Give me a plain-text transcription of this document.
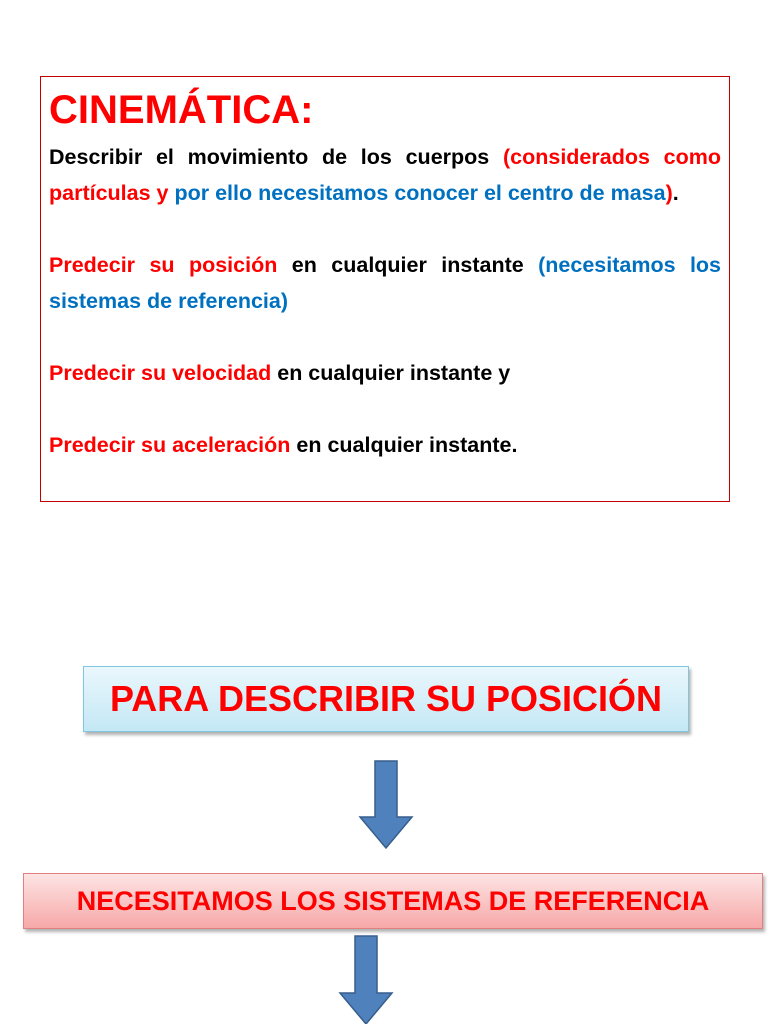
CINEMÁTICA:

Describir el movimiento de los cuerpos (considerados como partículas y por ello necesitamos conocer el centro de masa).

Predecir su posición en cualquier instante (necesitamos los sistemas de referencia)

Predecir su velocidad en cualquier instante y

Predecir su aceleración en cualquier instante.

PARA DESCRIBIR SU POSICIÓN
NECESITAMOS LOS SISTEMAS DE REFERENCIA
